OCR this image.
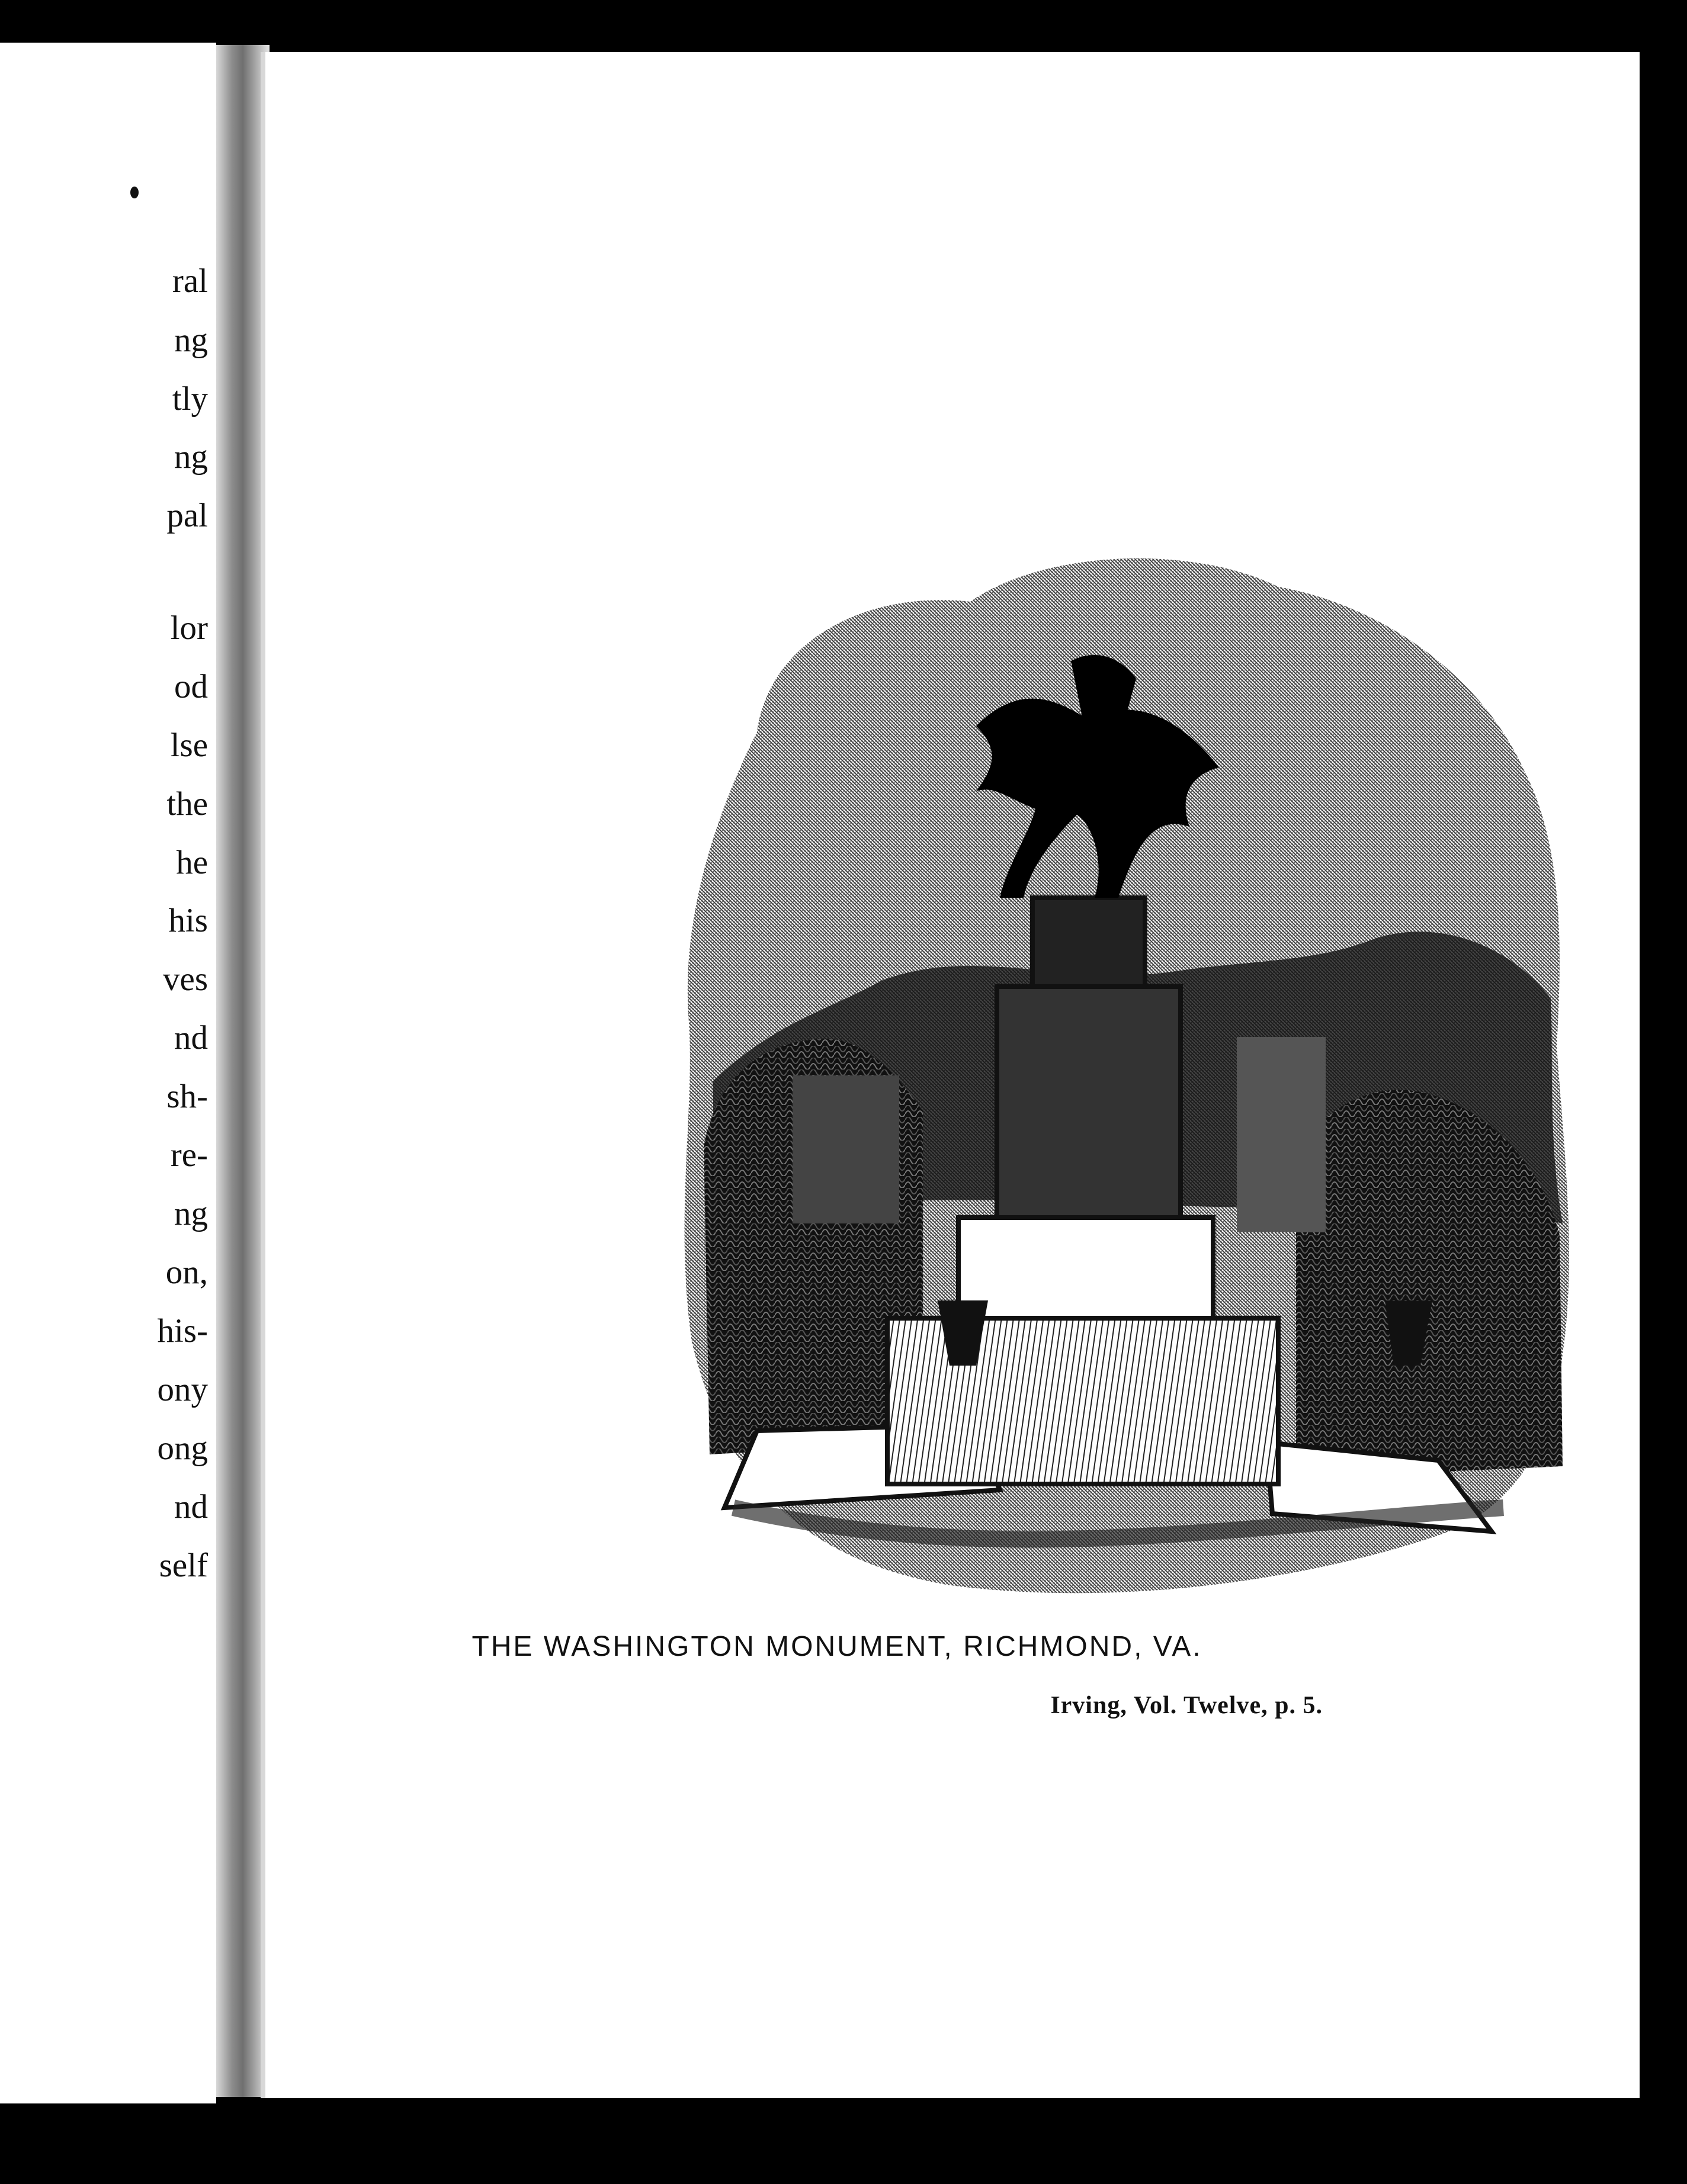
ral
ng
tly
ng
pal
lor
od
lse
the
he
his
ves
nd
sh-
re-
ng
on,
his-
ony
ong
nd
self
THE WASHINGTON MONUMENT, RICHMOND, VA.
Irving, Vol. Twelve, p. 5.
